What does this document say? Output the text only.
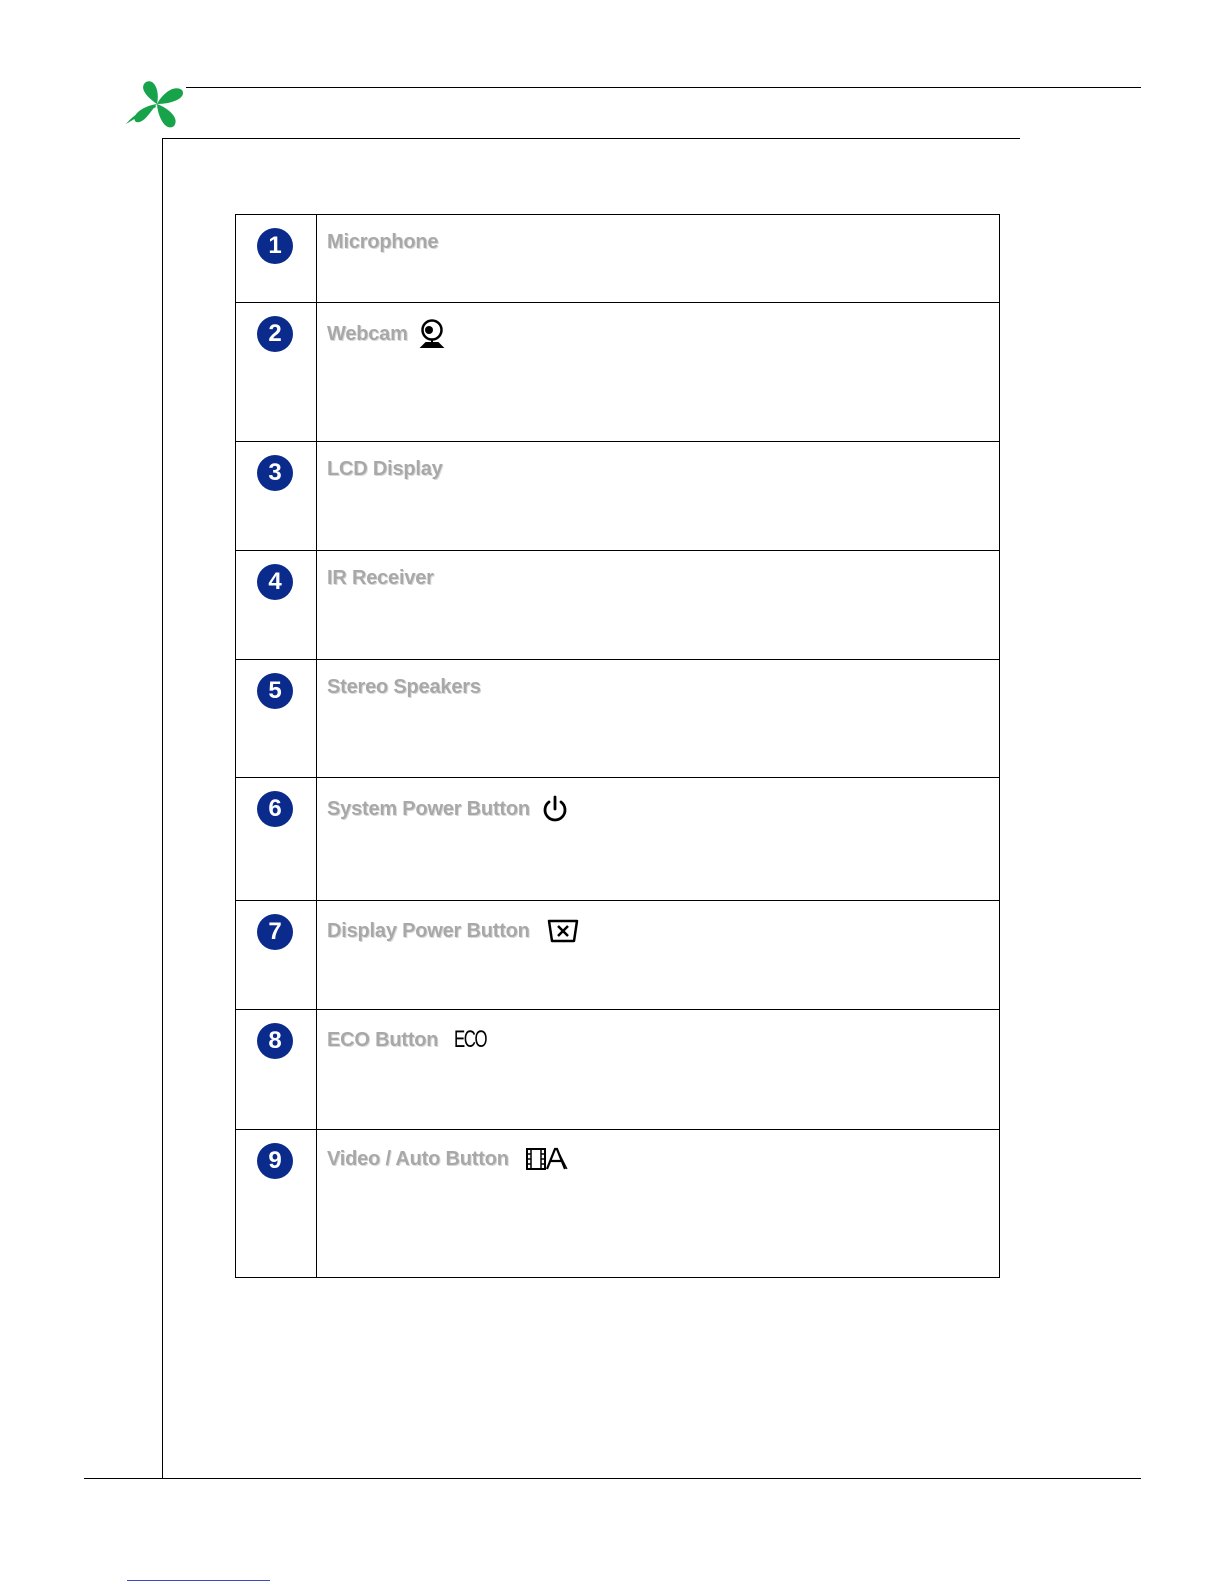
1	Microphone

2	Webcam

3	LCD Display

4	IR Receiver

5	Stereo Speakers

6	System Power Button

7	Display Power Button

8	ECO Button ECO

9	Video / Auto Button
